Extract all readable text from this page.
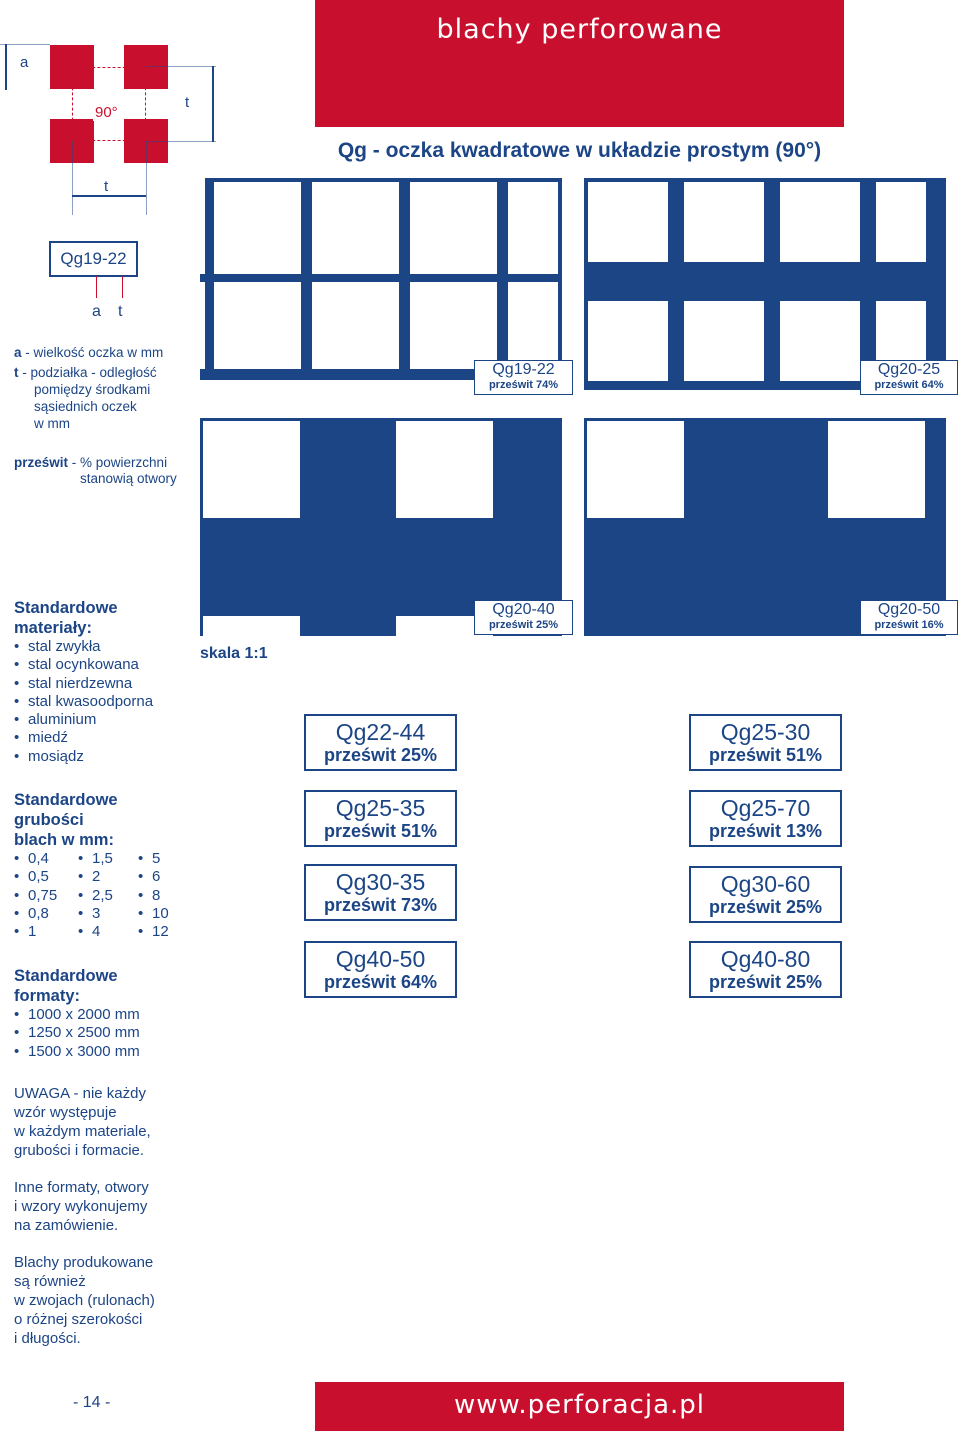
blachy perforowane
Qg - oczka kwadratowe w układzie prostym (90°)
a
t
t
90°
Qg19-22
a t
a - wielkość oczka w mm
t - podziałka - odległość
pomiędzy środkami
sąsiednich oczek
w mm
prześwit - % powierzchni
stanowią otwory
Standardowe
materiały:
• stal zwykła
• stal ocynkowana
• stal nierdzewna
• stal kwasoodporna
• aluminium
• miedź
• mosiądz
Standardowe
grubości
blach w mm:
• 0,4
• 0,5
• 0,75
• 0,8
• 1
• 1,5
• 2
• 2,5
• 3
• 4
• 5
• 6
• 8
• 10
• 12
Standardowe
formaty:
• 1000 x 2000 mm
• 1250 x 2500 mm
• 1500 x 3000 mm

UWAGA - nie każdy
wzór występuje
w każdym materiale,
grubości i formacie.

Inne formaty, otwory
i wzory wykonujemy
na zamówienie.

Blachy produkowane
są również
w zwojach (rulonach)
o różnej szerokości
i długości.

Qg19-22
prześwit 74%
Qg20-25
prześwit 64%
Qg20-40
prześwit 25%
Qg20-50
prześwit 16%
skala 1:1
Qg22-44
prześwit 25%
Qg25-30
prześwit 51%
Qg25-35
prześwit 51%
Qg25-70
prześwit 13%
Qg30-35
prześwit 73%
Qg30-60
prześwit 25%
Qg40-50
prześwit 64%
Qg40-80
prześwit 25%
- 14 -	www.perforacja.pl
